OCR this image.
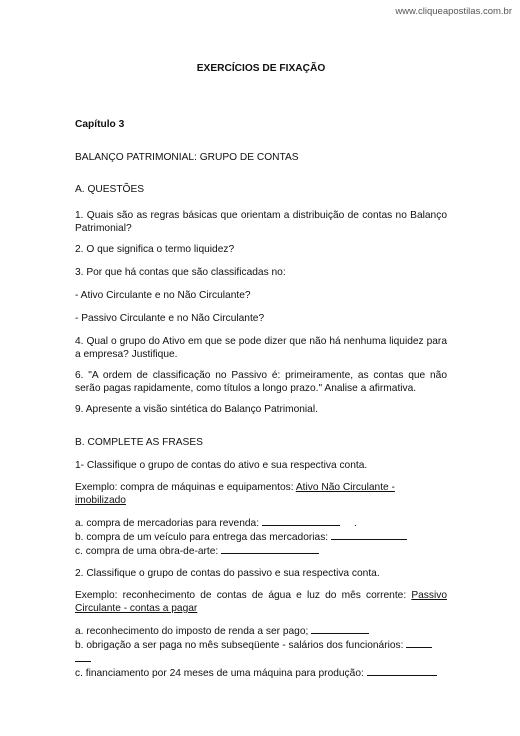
www.cliqueapostilas.com.br
EXERCÍCIOS DE FIXAÇÃO
Capítulo 3
BALANÇO PATRIMONIAL: GRUPO DE CONTAS

A. QUESTÕES

1. Quais são as regras básicas que orientam a distribuição de contas no Balanço Patrimonial?

2. O que significa o termo liquidez?

3. Por que há contas que são classificadas no:

- Ativo Circulante e no Não Circulante?

- Passivo Circulante e no Não Circulante?

4. Qual o grupo do Ativo em que se pode dizer que não há nenhuma liquidez para a empresa? Justifique.

6. "A ordem de classificação no Passivo é: primeiramente, as contas que não serão pagas rapidamente, como títulos a longo prazo." Analise a afirmativa.

9. Apresente a visão sintética do Balanço Patrimonial.

B. COMPLETE AS FRASES

1- Classifique o grupo de contas do ativo e sua respectiva conta.

Exemplo: compra de máquinas e equipamentos: Ativo Não Circulante - imobilizado

a. compra de mercadorias para revenda:	.

b. compra de um veículo para entrega das mercadorias:

c. compra de uma obra-de-arte:

2. Classifique o grupo de contas do passivo e sua respectiva conta.

Exemplo: reconhecimento de contas de água e luz do mês corrente: Passivo Circulante - contas a pagar

a. reconhecimento do imposto de renda a ser pago;

b. obrigação a ser paga no mês subseqüente - salários dos funcionários:

c. financiamento por 24 meses de uma máquina para produção:
